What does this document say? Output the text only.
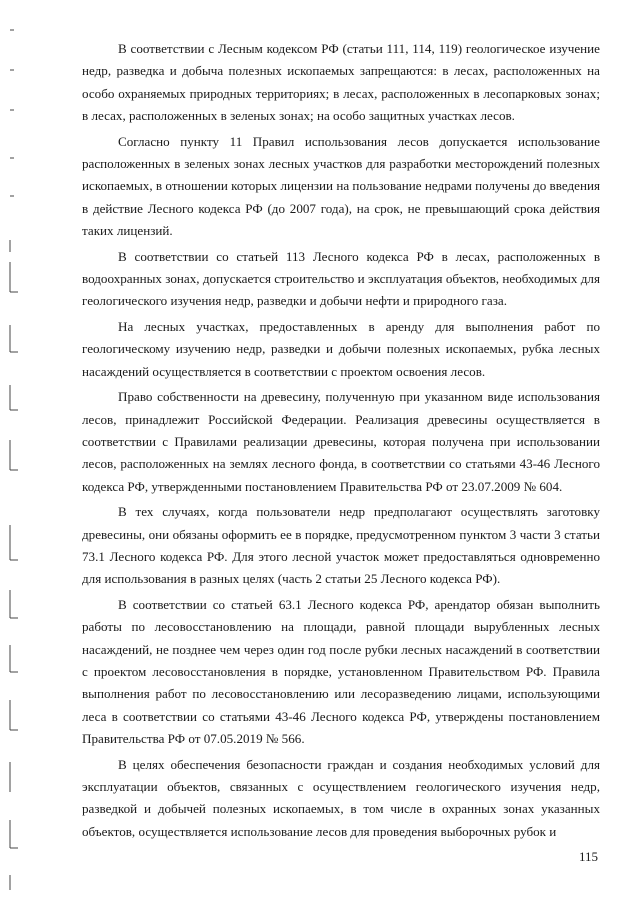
В соответствии с Лесным кодексом РФ (статьи 111, 114, 119) геологическое изучение недр, разведка и добыча полезных ископаемых запрещаются: в лесах, расположенных на особо охраняемых природных территориях; в лесах, расположенных в лесопарковых зонах; в лесах, расположенных в зеленых зонах; на особо защитных участках лесов.

Согласно пункту 11 Правил использования лесов допускается использование расположенных в зеленых зонах лесных участков для разработки месторождений полезных ископаемых, в отношении которых лицензии на пользование недрами получены до введения в действие Лесного кодекса РФ (до 2007 года), на срок, не превышающий срока действия таких лицензий.

В соответствии со статьей 113 Лесного кодекса РФ в лесах, расположенных в водоохранных зонах, допускается строительство и эксплуатация объектов, необходимых для геологического изучения недр, разведки и добычи нефти и природного газа.

На лесных участках, предоставленных в аренду для выполнения работ по геологическому изучению недр, разведки и добычи полезных ископаемых, рубка лесных насаждений осуществляется в соответствии с проектом освоения лесов.

Право собственности на древесину, полученную при указанном виде использования лесов, принадлежит Российской Федерации. Реализация древесины осуществляется в соответствии с Правилами реализации древесины, которая получена при использовании лесов, расположенных на землях лесного фонда, в соответствии со статьями 43-46 Лесного кодекса РФ, утвержденными постановлением Правительства РФ от 23.07.2009 № 604.

В тех случаях, когда пользователи недр предполагают осуществлять заготовку древесины, они обязаны оформить ее в порядке, предусмотренном пунктом 3 части 3 статьи 73.1 Лесного кодекса РФ. Для этого лесной участок может предоставляться одновременно для использования в разных целях (часть 2 статьи 25 Лесного кодекса РФ).

В соответствии со статьей 63.1 Лесного кодекса РФ, арендатор обязан выполнить работы по лесовосстановлению на площади, равной площади вырубленных лесных насаждений, не позднее чем через один год после рубки лесных насаждений в соответствии с проектом лесовосстановления в порядке, установленном Правительством РФ. Правила выполнения работ по лесовосстановлению или лесоразведению лицами, использующими леса в соответствии со статьями 43-46 Лесного кодекса РФ, утверждены постановлением Правительства РФ от 07.05.2019 № 566.

В целях обеспечения безопасности граждан и создания необходимых условий для эксплуатации объектов, связанных с осуществлением геологического изучения недр, разведкой и добычей полезных ископаемых, в том числе в охранных зонах указанных объектов, осуществляется использование лесов для проведения выборочных рубок и

115
